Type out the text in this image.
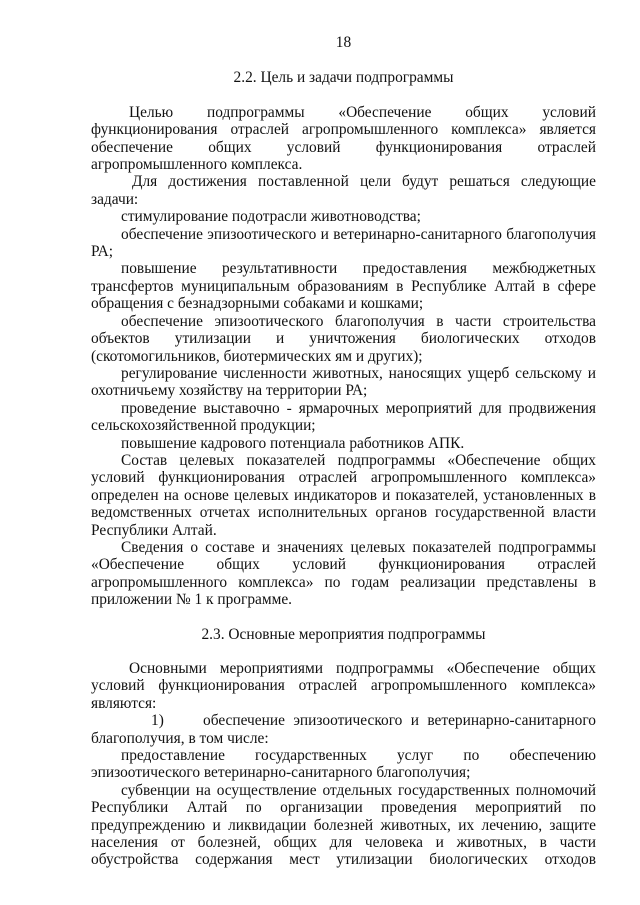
18
2.2. Цель и задачи подпрограммы

Целью подпрограммы «Обеспечение общих условий функционирования отраслей агропромышленного комплекса» является обеспечение общих условий функционирования отраслей агропромышленного комплекса.

Для достижения поставленной цели будут решаться следующие задачи:

стимулирование подотрасли животноводства;

обеспечение эпизоотического и ветеринарно-санитарного благополучия РА;

повышение результативности предоставления межбюджетных трансфертов муниципальным образованиям в Республике Алтай в сфере обращения с безнадзорными собаками и кошками;

обеспечение эпизоотического благополучия в части строительства объектов утилизации и уничтожения биологических отходов (скотомогильников, биотермических ям и других);

регулирование численности животных, наносящих ущерб сельскому и охотничьему хозяйству на территории РА;

проведение выставочно - ярмарочных мероприятий для продвижения сельскохозяйственной продукции;

повышение кадрового потенциала работников АПК.

Состав целевых показателей подпрограммы «Обеспечение общих условий функционирования отраслей агропромышленного комплекса» определен на основе целевых индикаторов и показателей, установленных в ведомственных отчетах исполнительных органов государственной власти Республики Алтай.

Сведения о составе и значениях целевых показателей подпрограммы «Обеспечение общих условий функционирования отраслей агропромышленного комплекса» по годам реализации представлены в приложении № 1 к программе.

2.3. Основные мероприятия подпрограммы

Основными мероприятиями подпрограммы «Обеспечение общих условий функционирования отраслей агропромышленного комплекса» являются:

1)	обеспечение эпизоотического и ветеринарно-санитарного благополучия, в том числе:

предоставление государственных услуг по обеспечению эпизоотического ветеринарно-санитарного благополучия;

субвенции на осуществление отдельных государственных полномочий Республики Алтай по организации проведения мероприятий по предупреждению и ликвидации болезней животных, их лечению, защите населения от болезней, общих для человека и животных, в части обустройства содержания мест утилизации биологических отходов
